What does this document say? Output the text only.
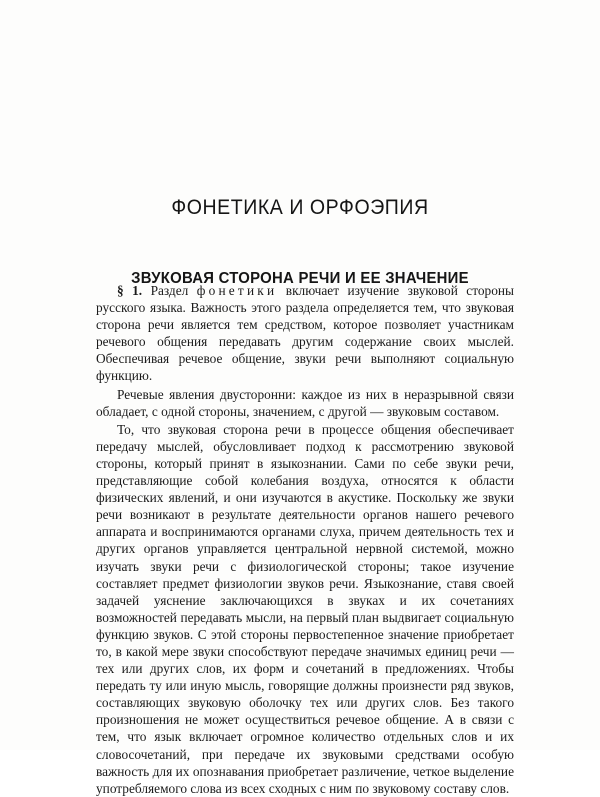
ФОНЕТИКА И ОРФОЭПИЯ
ЗВУКОВАЯ СТОРОНА РЕЧИ И ЕЕ ЗНАЧЕНИЕ

§ 1. Раздел фонетики включает изучение звуковой стороны русского языка. Важность этого раздела определяется тем, что звуковая сторона речи является тем средством, которое позволяет участникам речевого общения передавать другим содержание своих мыслей. Обеспечивая речевое общение, звуки речи выполняют социальную функцию.

Речевые явления двусторонни: каждое из них в неразрывной связи обладает, с одной стороны, значением, с другой — звуковым составом.

То, что звуковая сторона речи в процессе общения обеспечивает передачу мыслей, обусловливает подход к рассмотрению звуковой стороны, который принят в языкознании. Сами по себе звуки речи, представляющие собой колебания воздуха, относятся к области физических явлений, и они изучаются в акустике. Поскольку же звуки речи возникают в результате деятельности органов нашего речевого аппарата и воспринимаются органами слуха, причем деятельность тех и других органов управляется центральной нервной системой, можно изучать звуки речи с физиологической стороны; такое изучение составляет предмет физиологии звуков речи. Языкознание, ставя своей задачей уяснение заключающихся в звуках и их сочетаниях возможностей передавать мысли, на первый план выдвигает социальную функцию звуков. С этой стороны первостепенное значение приобретает то, в какой мере звуки способствуют передаче значимых единиц речи — тех или других слов, их форм и сочетаний в предложениях. Чтобы передать ту или иную мысль, говорящие должны произнести ряд звуков, составляющих звуковую оболочку тех или других слов. Без такого произношения не может осуществиться речевое общение. А в связи с тем, что язык включает огромное количество отдельных слов и их словосочетаний, при передаче их звуковыми средствами особую важность для их опознавания приобретает различение, четкое выделение употребляемого слова из всех сходных с ним по звуковому составу слов.
